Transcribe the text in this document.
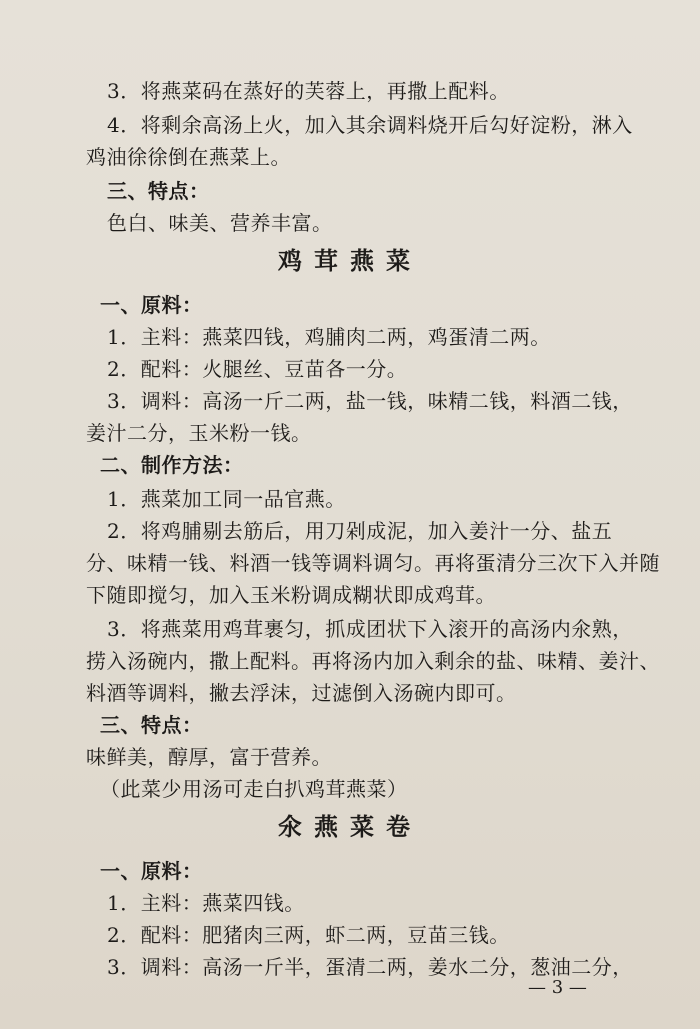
3．将燕菜码在蒸好的芙蓉上，再撒上配料。
4．将剩余高汤上火，加入其余调料烧开后勾好淀粉，淋入
鸡油徐徐倒在燕菜上。
三、特点：
色白、味美、营养丰富。
鸡茸燕菜
一、原料：
1．主料：燕菜四钱，鸡脯肉二两，鸡蛋清二两。
2．配料：火腿丝、豆苗各一分。
3．调料：高汤一斤二两，盐一钱，味精二钱，料酒二钱，
姜汁二分，玉米粉一钱。
二、制作方法：
1．燕菜加工同一品官燕。
2．将鸡脯剔去筋后，用刀剁成泥，加入姜汁一分、盐五
分、味精一钱、料酒一钱等调料调匀。再将蛋清分三次下入并随
下随即搅匀，加入玉米粉调成糊状即成鸡茸。
3．将燕菜用鸡茸裹匀，抓成团状下入滚开的高汤内氽熟，
捞入汤碗内，撒上配料。再将汤内加入剩余的盐、味精、姜汁、
料酒等调料，撇去浮沫，过滤倒入汤碗内即可。
三、特点：
味鲜美，醇厚，富于营养。
（此菜少用汤可走白扒鸡茸燕菜）
氽燕菜卷
一、原料：
1．主料：燕菜四钱。
2．配料：肥猪肉三两，虾二两，豆苗三钱。
3．调料：高汤一斤半，蛋清二两，姜水二分，葱油二分，
— 3 —
